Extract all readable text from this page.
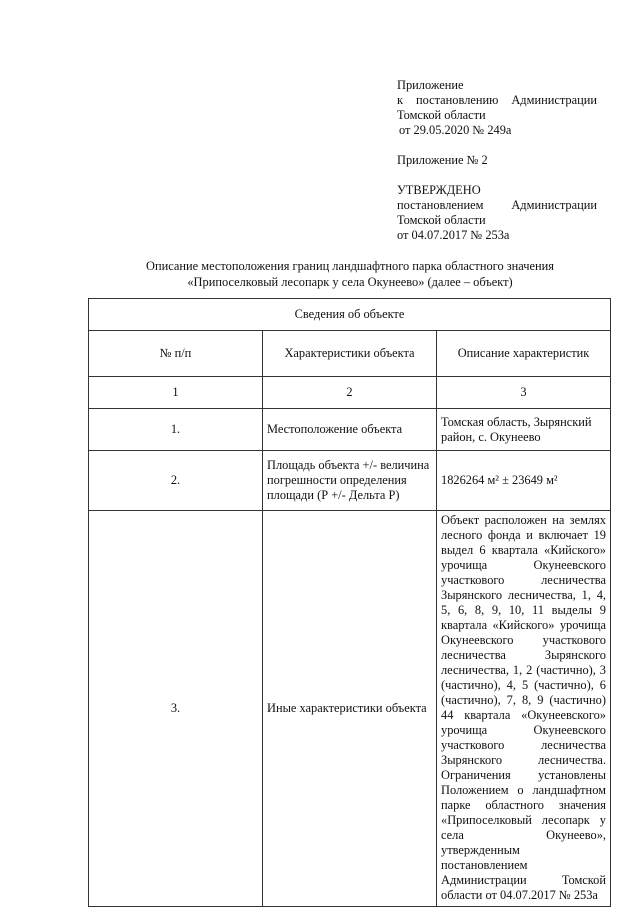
Приложение
к постановлению Администрации
Томской области
от 29.05.2020 № 249а
Приложение № 2
УТВЕРЖДЕНО
постановлением Администрации
Томской области
от 04.07.2017 № 253а
Описание местоположения границ ландшафтного парка областного значения
«Припоселковый лесопарк у села Окунеево» (далее – объект)
Сведения об объекте		
№ п/п	Характеристики объекта	Описание характеристик
1	2	3
1.	Местоположение объекта	Томская область, Зырянский район, с. Окунеево
2.	Площадь объекта +/- величина погрешности определения площади (Р +/- Дельта Р)	1826264 м² ± 23649 м²
3.	Иные характеристики объекта	Объект расположен на землях лесного фонда и включает 19 выдел 6 квартала «Кийского» урочища Окунеевского участкового лесничества Зырянского лесничества, 1, 4, 5, 6, 8, 9, 10, 11 выделы 9 квартала «Кийского» урочища Окунеевского участкового лесничества Зырянского лесничества, 1, 2 (частично), 3 (частично), 4, 5 (частично), 6 (частично), 7, 8, 9 (частично) 44 квартала «Окунеевского» урочища Окунеевского участкового лесничества Зырянского лесничества. Ограничения установлены Положением о ландшафтном парке областного значения «Припоселковый лесопарк у села Окунеево», утвержденным постановлением Администрации Томской области от 04.07.2017 № 253а
